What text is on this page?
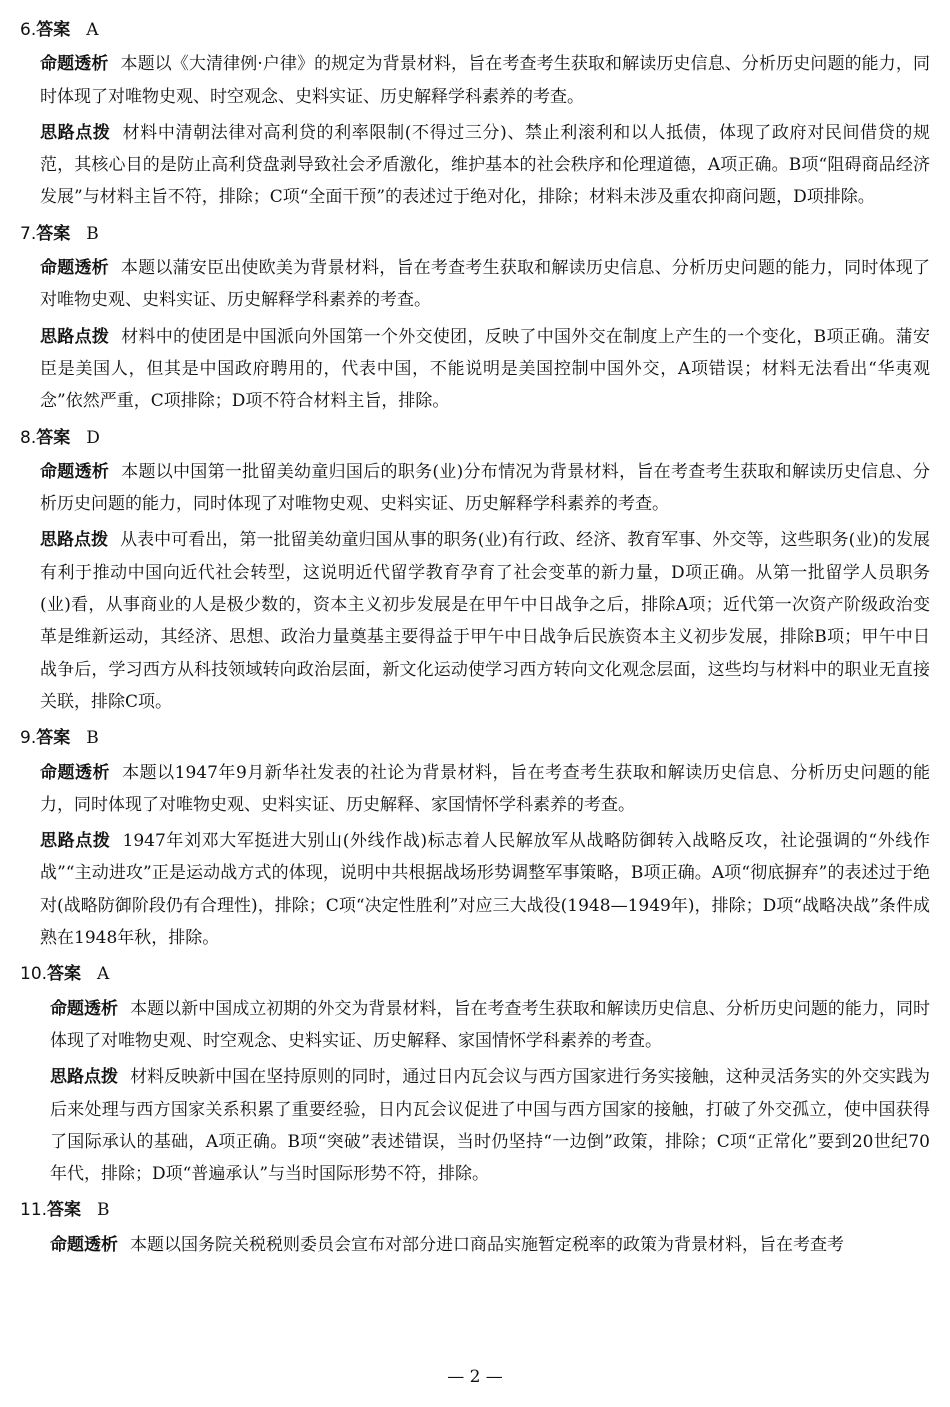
6.答案 A

命题透析 本题以《大清律例·户律》的规定为背景材料，旨在考查考生获取和解读历史信息、分析历史问题的能力，同时体现了对唯物史观、时空观念、史料实证、历史解释学科素养的考查。

思路点拨 材料中清朝法律对高利贷的利率限制(不得过三分)、禁止利滚利和以人抵债，体现了政府对民间借贷的规范，其核心目的是防止高利贷盘剥导致社会矛盾激化，维护基本的社会秩序和伦理道德，A项正确。B项“阻碍商品经济发展”与材料主旨不符，排除；C项“全面干预”的表述过于绝对化，排除；材料未涉及重农抑商问题，D项排除。

7.答案 B

命题透析 本题以蒲安臣出使欧美为背景材料，旨在考查考生获取和解读历史信息、分析历史问题的能力，同时体现了对唯物史观、史料实证、历史解释学科素养的考查。

思路点拨 材料中的使团是中国派向外国第一个外交使团，反映了中国外交在制度上产生的一个变化，B项正确。蒲安臣是美国人，但其是中国政府聘用的，代表中国，不能说明是美国控制中国外交，A项错误；材料无法看出“华夷观念”依然严重，C项排除；D项不符合材料主旨，排除。

8.答案 D

命题透析 本题以中国第一批留美幼童归国后的职务(业)分布情况为背景材料，旨在考查考生获取和解读历史信息、分析历史问题的能力，同时体现了对唯物史观、史料实证、历史解释学科素养的考查。

思路点拨 从表中可看出，第一批留美幼童归国从事的职务(业)有行政、经济、教育军事、外交等，这些职务(业)的发展有利于推动中国向近代社会转型，这说明近代留学教育孕育了社会变革的新力量，D项正确。从第一批留学人员职务(业)看，从事商业的人是极少数的，资本主义初步发展是在甲午中日战争之后，排除A项；近代第一次资产阶级政治变革是维新运动，其经济、思想、政治力量奠基主要得益于甲午中日战争后民族资本主义初步发展，排除B项；甲午中日战争后，学习西方从科技领域转向政治层面，新文化运动使学习西方转向文化观念层面，这些均与材料中的职业无直接关联，排除C项。

9.答案 B

命题透析 本题以1947年9月新华社发表的社论为背景材料，旨在考查考生获取和解读历史信息、分析历史问题的能力，同时体现了对唯物史观、史料实证、历史解释、家国情怀学科素养的考查。

思路点拨 1947年刘邓大军挺进大别山(外线作战)标志着人民解放军从战略防御转入战略反攻，社论强调的“外线作战”“主动进攻”正是运动战方式的体现，说明中共根据战场形势调整军事策略，B项正确。A项“彻底摒弃”的表述过于绝对(战略防御阶段仍有合理性)，排除；C项“决定性胜利”对应三大战役(1948—1949年)，排除；D项“战略决战”条件成熟在1948年秋，排除。

10.答案 A

命题透析 本题以新中国成立初期的外交为背景材料，旨在考查考生获取和解读历史信息、分析历史问题的能力，同时体现了对唯物史观、时空观念、史料实证、历史解释、家国情怀学科素养的考查。

思路点拨 材料反映新中国在坚持原则的同时，通过日内瓦会议与西方国家进行务实接触，这种灵活务实的外交实践为后来处理与西方国家关系积累了重要经验，日内瓦会议促进了中国与西方国家的接触，打破了外交孤立，使中国获得了国际承认的基础，A项正确。B项“突破”表述错误，当时仍坚持“一边倒”政策，排除；C项“正常化”要到20世纪70年代，排除；D项“普遍承认”与当时国际形势不符，排除。

11.答案 B

命题透析 本题以国务院关税税则委员会宣布对部分进口商品实施暂定税率的政策为背景材料，旨在考查考

— 2 —
